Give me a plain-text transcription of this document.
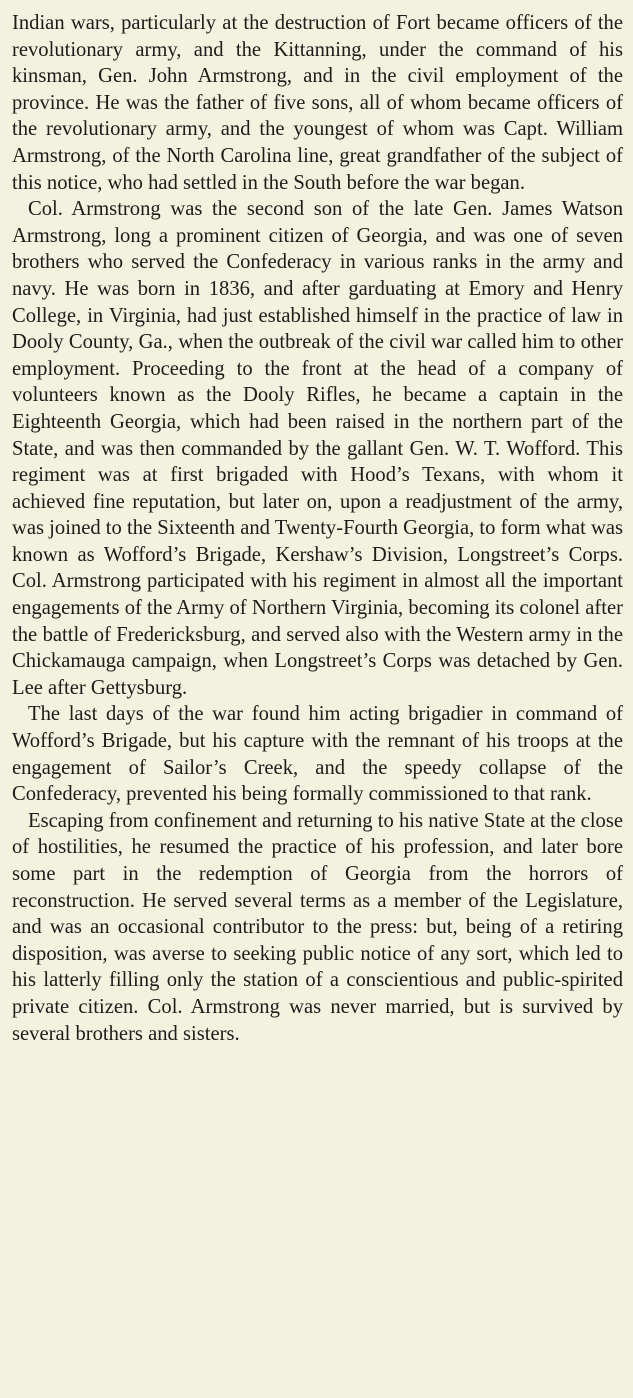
Indian wars, particularly at the destruction of Fort became officers of the revolutionary army, and the Kittanning, under the command of his kinsman, Gen. John Armstrong, and in the civil employment of the province. He was the father of five sons, all of whom became officers of the revolutionary army, and the youngest of whom was Capt. William Armstrong, of the North Carolina line, great grandfather of the subject of this notice, who had settled in the South before the war began.

Col. Armstrong was the second son of the late Gen. James Watson Armstrong, long a prominent citizen of Georgia, and was one of seven brothers who served the Confederacy in various ranks in the army and navy. He was born in 1836, and after garduating at Emory and Henry College, in Virginia, had just established himself in the practice of law in Dooly County, Ga., when the outbreak of the civil war called him to other employment. Proceeding to the front at the head of a company of volunteers known as the Dooly Rifles, he became a captain in the Eighteenth Georgia, which had been raised in the northern part of the State, and was then commanded by the gallant Gen. W. T. Wofford. This regiment was at first brigaded with Hood’s Texans, with whom it achieved fine reputation, but later on, upon a readjustment of the army, was joined to the Sixteenth and Twenty-Fourth Georgia, to form what was known as Wofford’s Brigade, Kershaw’s Division, Longstreet’s Corps. Col. Armstrong participated with his regiment in almost all the important engagements of the Army of Northern Virginia, becoming its colonel after the battle of Fredericksburg, and served also with the Western army in the Chickamauga campaign, when Longstreet’s Corps was detached by Gen. Lee after Gettysburg.

The last days of the war found him acting brigadier in command of Wofford’s Brigade, but his capture with the remnant of his troops at the engagement of Sailor’s Creek, and the speedy collapse of the Confederacy, prevented his being formally commissioned to that rank.

Escaping from confinement and returning to his native State at the close of hostilities, he resumed the practice of his profession, and later bore some part in the redemption of Georgia from the horrors of reconstruction. He served several terms as a member of the Legislature, and was an occasional contributor to the press: but, being of a retiring disposition, was averse to seeking public notice of any sort, which led to his latterly filling only the station of a conscientious and public-spirited private citizen. Col. Armstrong was never married, but is survived by several brothers and sisters.
